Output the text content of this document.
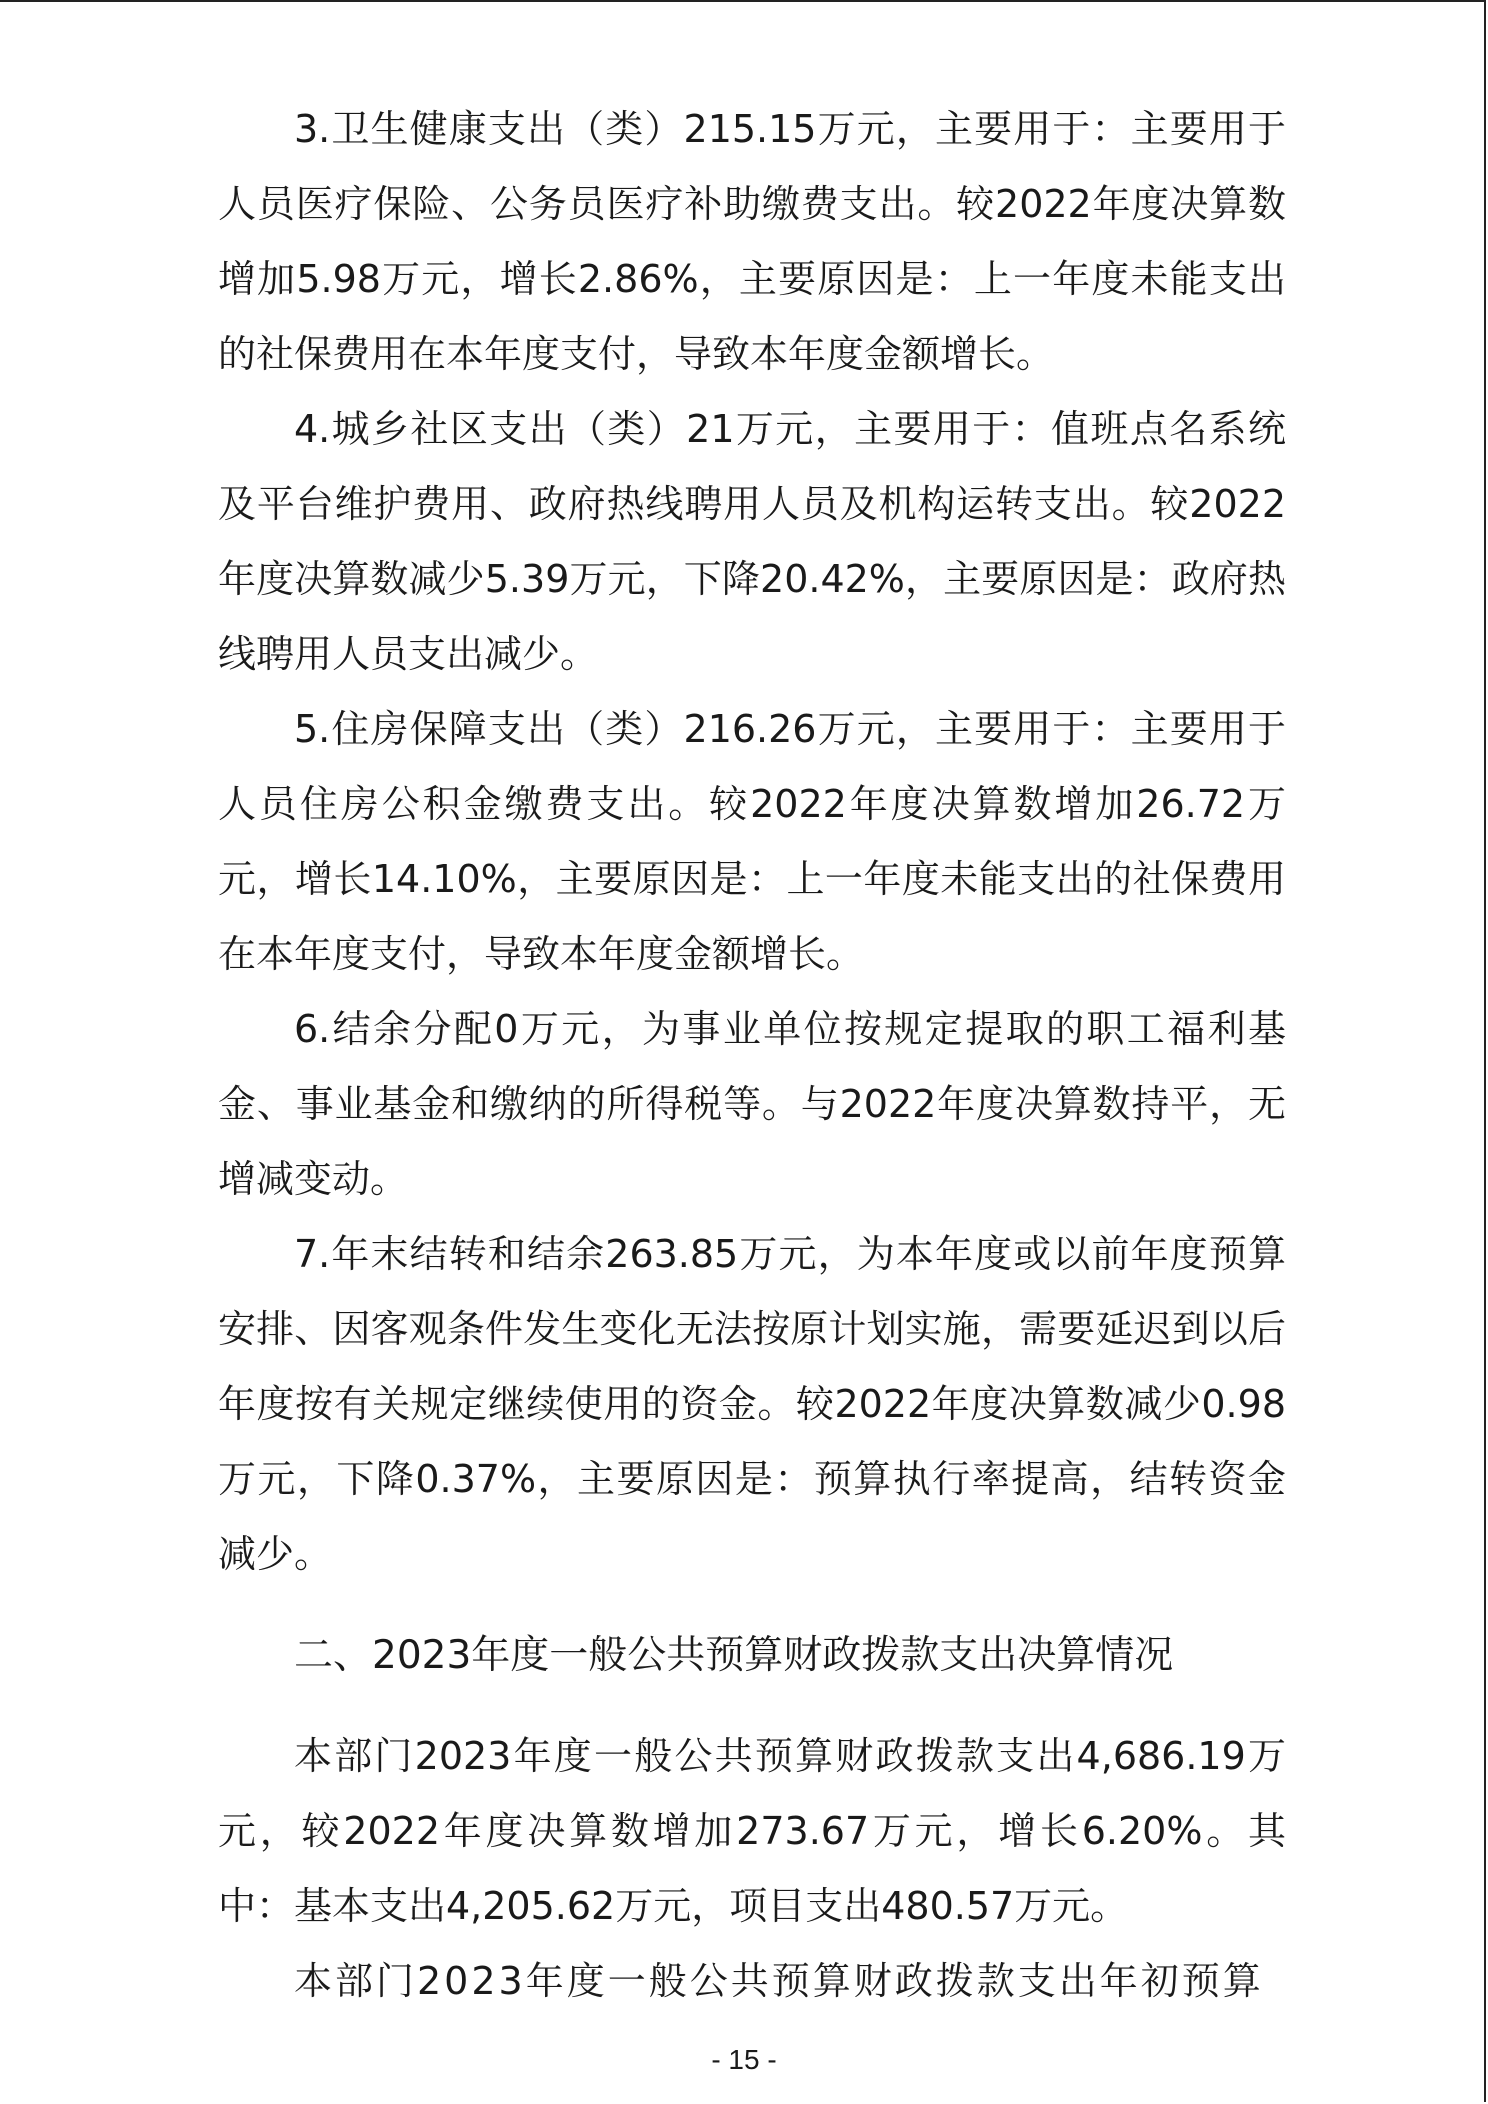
3.卫生健康支出（类）215.15万元，主要用于：主要用于人员医疗保险、公务员医疗补助缴费支出。较2022年度决算数增加5.98万元，增长2.86%，主要原因是：上一年度未能支出的社保费用在本年度支付，导致本年度金额增长。

4.城乡社区支出（类）21万元，主要用于：值班点名系统及平台维护费用、政府热线聘用人员及机构运转支出。较2022年度决算数减少5.39万元，下降20.42%，主要原因是：政府热线聘用人员支出减少。

5.住房保障支出（类）216.26万元，主要用于：主要用于人员住房公积金缴费支出。较2022年度决算数增加26.72万元，增长14.10%，主要原因是：上一年度未能支出的社保费用在本年度支付，导致本年度金额增长。

6.结余分配0万元，为事业单位按规定提取的职工福利基金、事业基金和缴纳的所得税等。与2022年度决算数持平，无增减变动。

7.年末结转和结余263.85万元，为本年度或以前年度预算安排、因客观条件发生变化无法按原计划实施，需要延迟到以后年度按有关规定继续使用的资金。较2022年度决算数减少0.98万元，下降0.37%，主要原因是：预算执行率提高，结转资金减少。

二、2023年度一般公共预算财政拨款支出决算情况

本部门2023年度一般公共预算财政拨款支出4,686.19万元，较2022年度决算数增加273.67万元，增长6.20%。其中：基本支出4,205.62万元，项目支出480.57万元。

本部门2023年度一般公共预算财政拨款支出年初预算

- 15 -
